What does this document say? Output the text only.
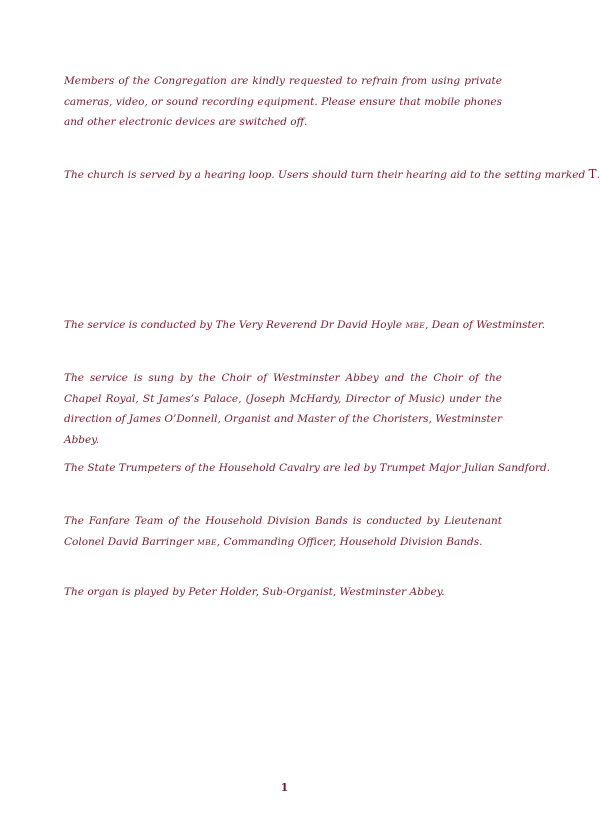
Members of the Congregation are kindly requested to refrain from using private cameras, video, or sound recording equipment. Please ensure that mobile phones and other electronic devices are switched off.

The church is served by a hearing loop. Users should turn their hearing aid to the setting marked T.

The service is conducted by The Very Reverend Dr David Hoyle MBE, Dean of Westminster.

The service is sung by the Choir of Westminster Abbey and the Choir of the Chapel Royal, St James’s Palace, (Joseph McHardy, Director of Music) under the direction of James O’Donnell, Organist and Master of the Choristers, Westminster Abbey.

The State Trumpeters of the Household Cavalry are led by Trumpet Major Julian Sandford.

The Fanfare Team of the Household Division Bands is conducted by Lieutenant Colonel David Barringer MBE, Commanding Officer, Household Division Bands.

The organ is played by Peter Holder, Sub-Organist, Westminster Abbey.

1
